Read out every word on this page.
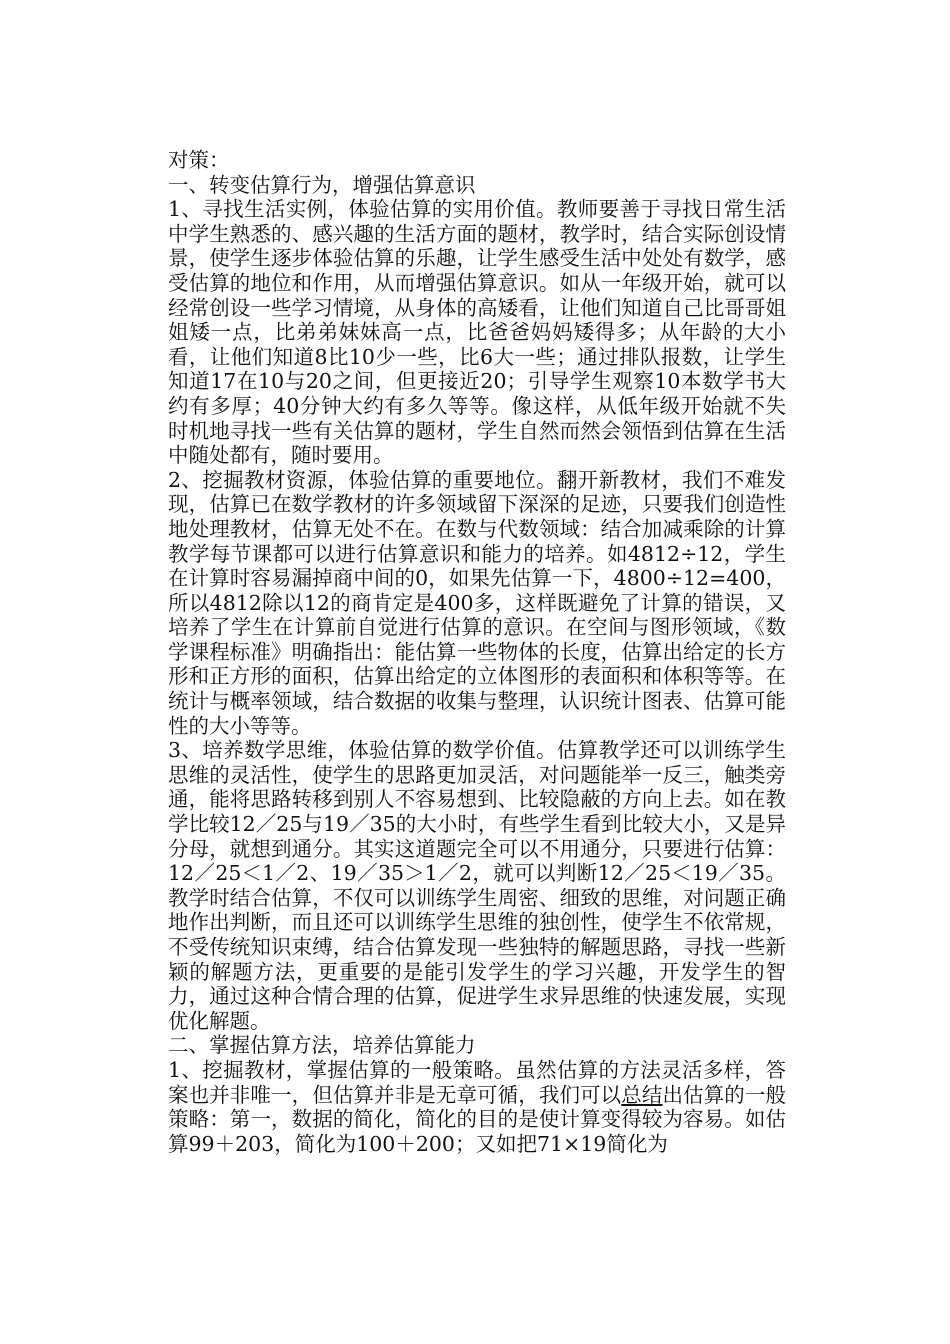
对策：

一、转变估算行为，增强估算意识

1、寻找生活实例，体验估算的实用价值。教师要善于寻找日常生活中学生熟悉的、感兴趣的生活方面的题材，教学时，结合实际创设情景，使学生逐步体验估算的乐趣，让学生感受生活中处处有数学，感受估算的地位和作用，从而增强估算意识。如从一年级开始，就可以经常创设一些学习情境，从身体的高矮看，让他们知道自己比哥哥姐姐矮一点，比弟弟妹妹高一点，比爸爸妈妈矮得多；从年龄的大小看，让他们知道8比10少一些，比6大一些；通过排队报数，让学生知道17在10与20之间，但更接近20；引导学生观察10本数学书大约有多厚；40分钟大约有多久等等。像这样，从低年级开始就不失时机地寻找一些有关估算的题材，学生自然而然会领悟到估算在生活中随处都有，随时要用。

2、挖掘教材资源，体验估算的重要地位。翻开新教材，我们不难发现，估算已在数学教材的许多领域留下深深的足迹，只要我们创造性地处理教材，估算无处不在。在数与代数领域：结合加减乘除的计算教学每节课都可以进行估算意识和能力的培养。如4812÷12，学生在计算时容易漏掉商中间的0，如果先估算一下，4800÷12=400，所以4812除以12的商肯定是400多，这样既避免了计算的错误，又培养了学生在计算前自觉进行估算的意识。在空间与图形领域，《数学课程标准》明确指出：能估算一些物体的长度，估算出给定的长方形和正方形的面积，估算出给定的立体图形的表面积和体积等等。在统计与概率领域，结合数据的收集与整理，认识统计图表、估算可能性的大小等等。

3、培养数学思维，体验估算的数学价值。估算教学还可以训练学生思维的灵活性，使学生的思路更加灵活，对问题能举一反三，触类旁通，能将思路转移到别人不容易想到、比较隐蔽的方向上去。如在教学比较12／25与19／35的大小时，有些学生看到比较大小，又是异分母，就想到通分。其实这道题完全可以不用通分，只要进行估算：12／25＜1／2、19／35＞1／2，就可以判断12／25＜19／35。教学时结合估算，不仅可以训练学生周密、细致的思维，对问题正确地作出判断，而且还可以训练学生思维的独创性，使学生不依常规，不受传统知识束缚，结合估算发现一些独特的解题思路，寻找一些新颖的解题方法，更重要的是能引发学生的学习兴趣，开发学生的智力，通过这种合情合理的估算，促进学生求异思维的快速发展，实现优化解题。

二、掌握估算方法，培养估算能力

1、挖掘教材，掌握估算的一般策略。虽然估算的方法灵活多样，答案也并非唯一，但估算并非是无章可循，我们可以总结出估算的一般策略：第一，数据的简化，简化的目的是使计算变得较为容易。如估算99＋203，简化为100＋200；又如把71×19简化为
